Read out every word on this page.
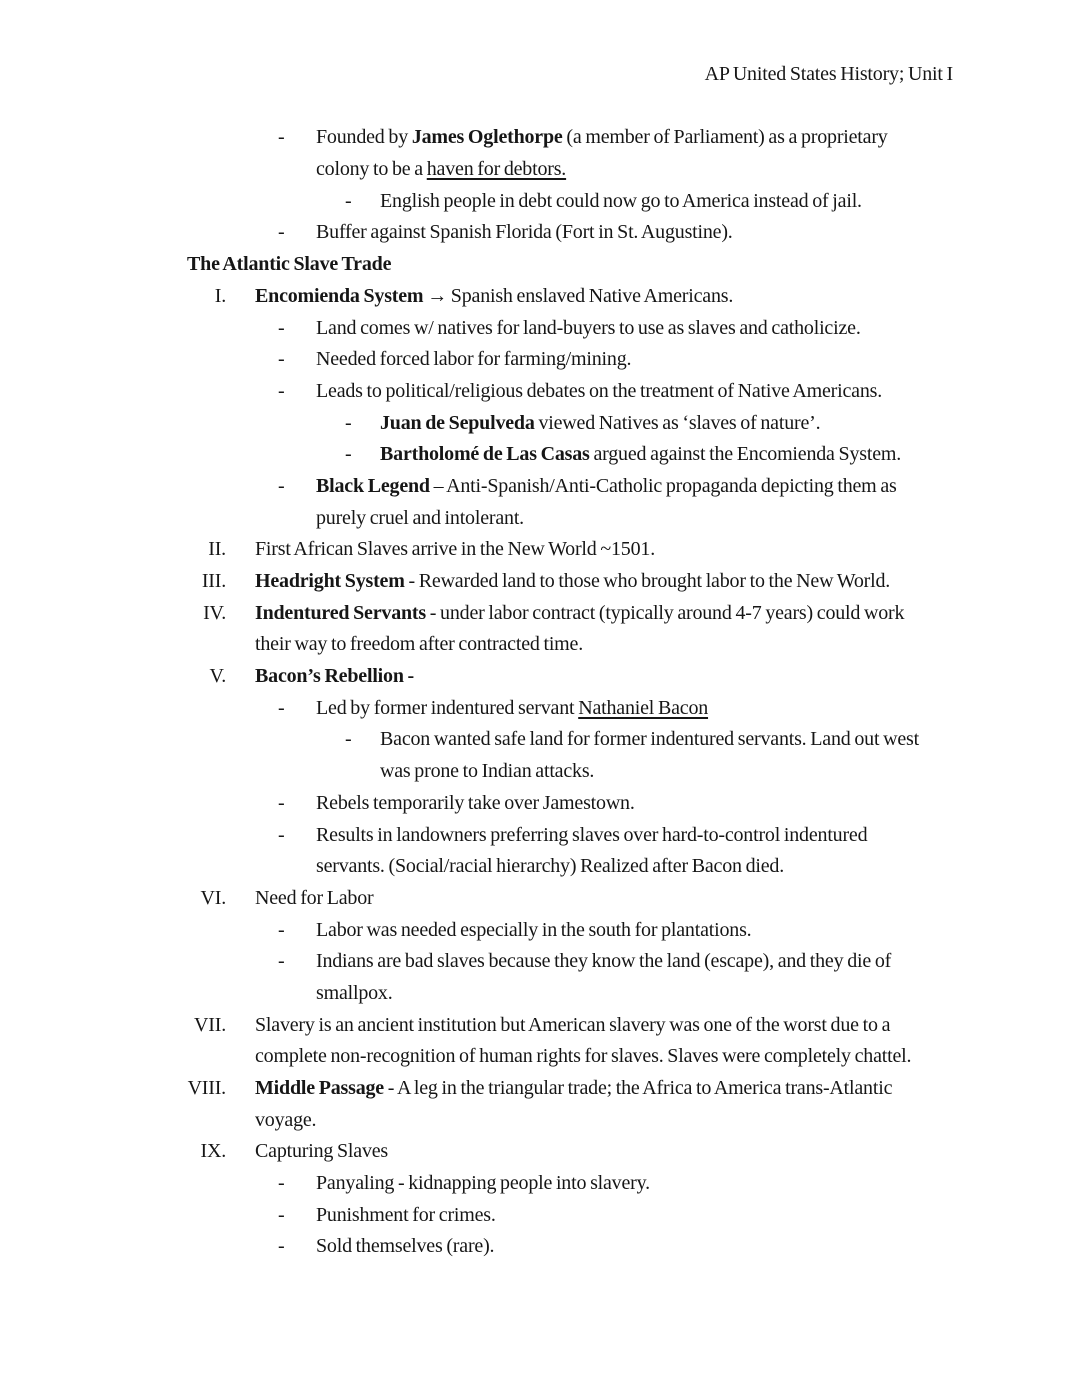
AP United States History; Unit I
- Founded by James Oglethorpe (a member of Parliament) as a proprietary
colony to be a haven for debtors.
- English people in debt could now go to America instead of jail.
- Buffer against Spanish Florida (Fort in St. Augustine).
The Atlantic Slave Trade
I. Encomienda System → Spanish enslaved Native Americans.
- Land comes w/ natives for land-buyers to use as slaves and catholicize.
- Needed forced labor for farming/mining.
- Leads to political/religious debates on the treatment of Native Americans.
- Juan de Sepulveda viewed Natives as ‘slaves of nature’.
- Bartholomé de Las Casas argued against the Encomienda System.
- Black Legend – Anti-Spanish/Anti-Catholic propaganda depicting them as
purely cruel and intolerant.
II. First African Slaves arrive in the New World ~1501.
III. Headright System - Rewarded land to those who brought labor to the New World.
IV. Indentured Servants - under labor contract (typically around 4-7 years) could work
their way to freedom after contracted time.
V. Bacon’s Rebellion -
- Led by former indentured servant Nathaniel Bacon
- Bacon wanted safe land for former indentured servants. Land out west
was prone to Indian attacks.
- Rebels temporarily take over Jamestown.
- Results in landowners preferring slaves over hard-to-control indentured
servants. (Social/racial hierarchy) Realized after Bacon died.
VI. Need for Labor
- Labor was needed especially in the south for plantations.
- Indians are bad slaves because they know the land (escape), and they die of
smallpox.
VII. Slavery is an ancient institution but American slavery was one of the worst due to a
complete non-recognition of human rights for slaves. Slaves were completely chattel.
VIII. Middle Passage - A leg in the triangular trade; the Africa to America trans-Atlantic
voyage.
IX. Capturing Slaves
- Panyaling - kidnapping people into slavery.
- Punishment for crimes.
- Sold themselves (rare).
